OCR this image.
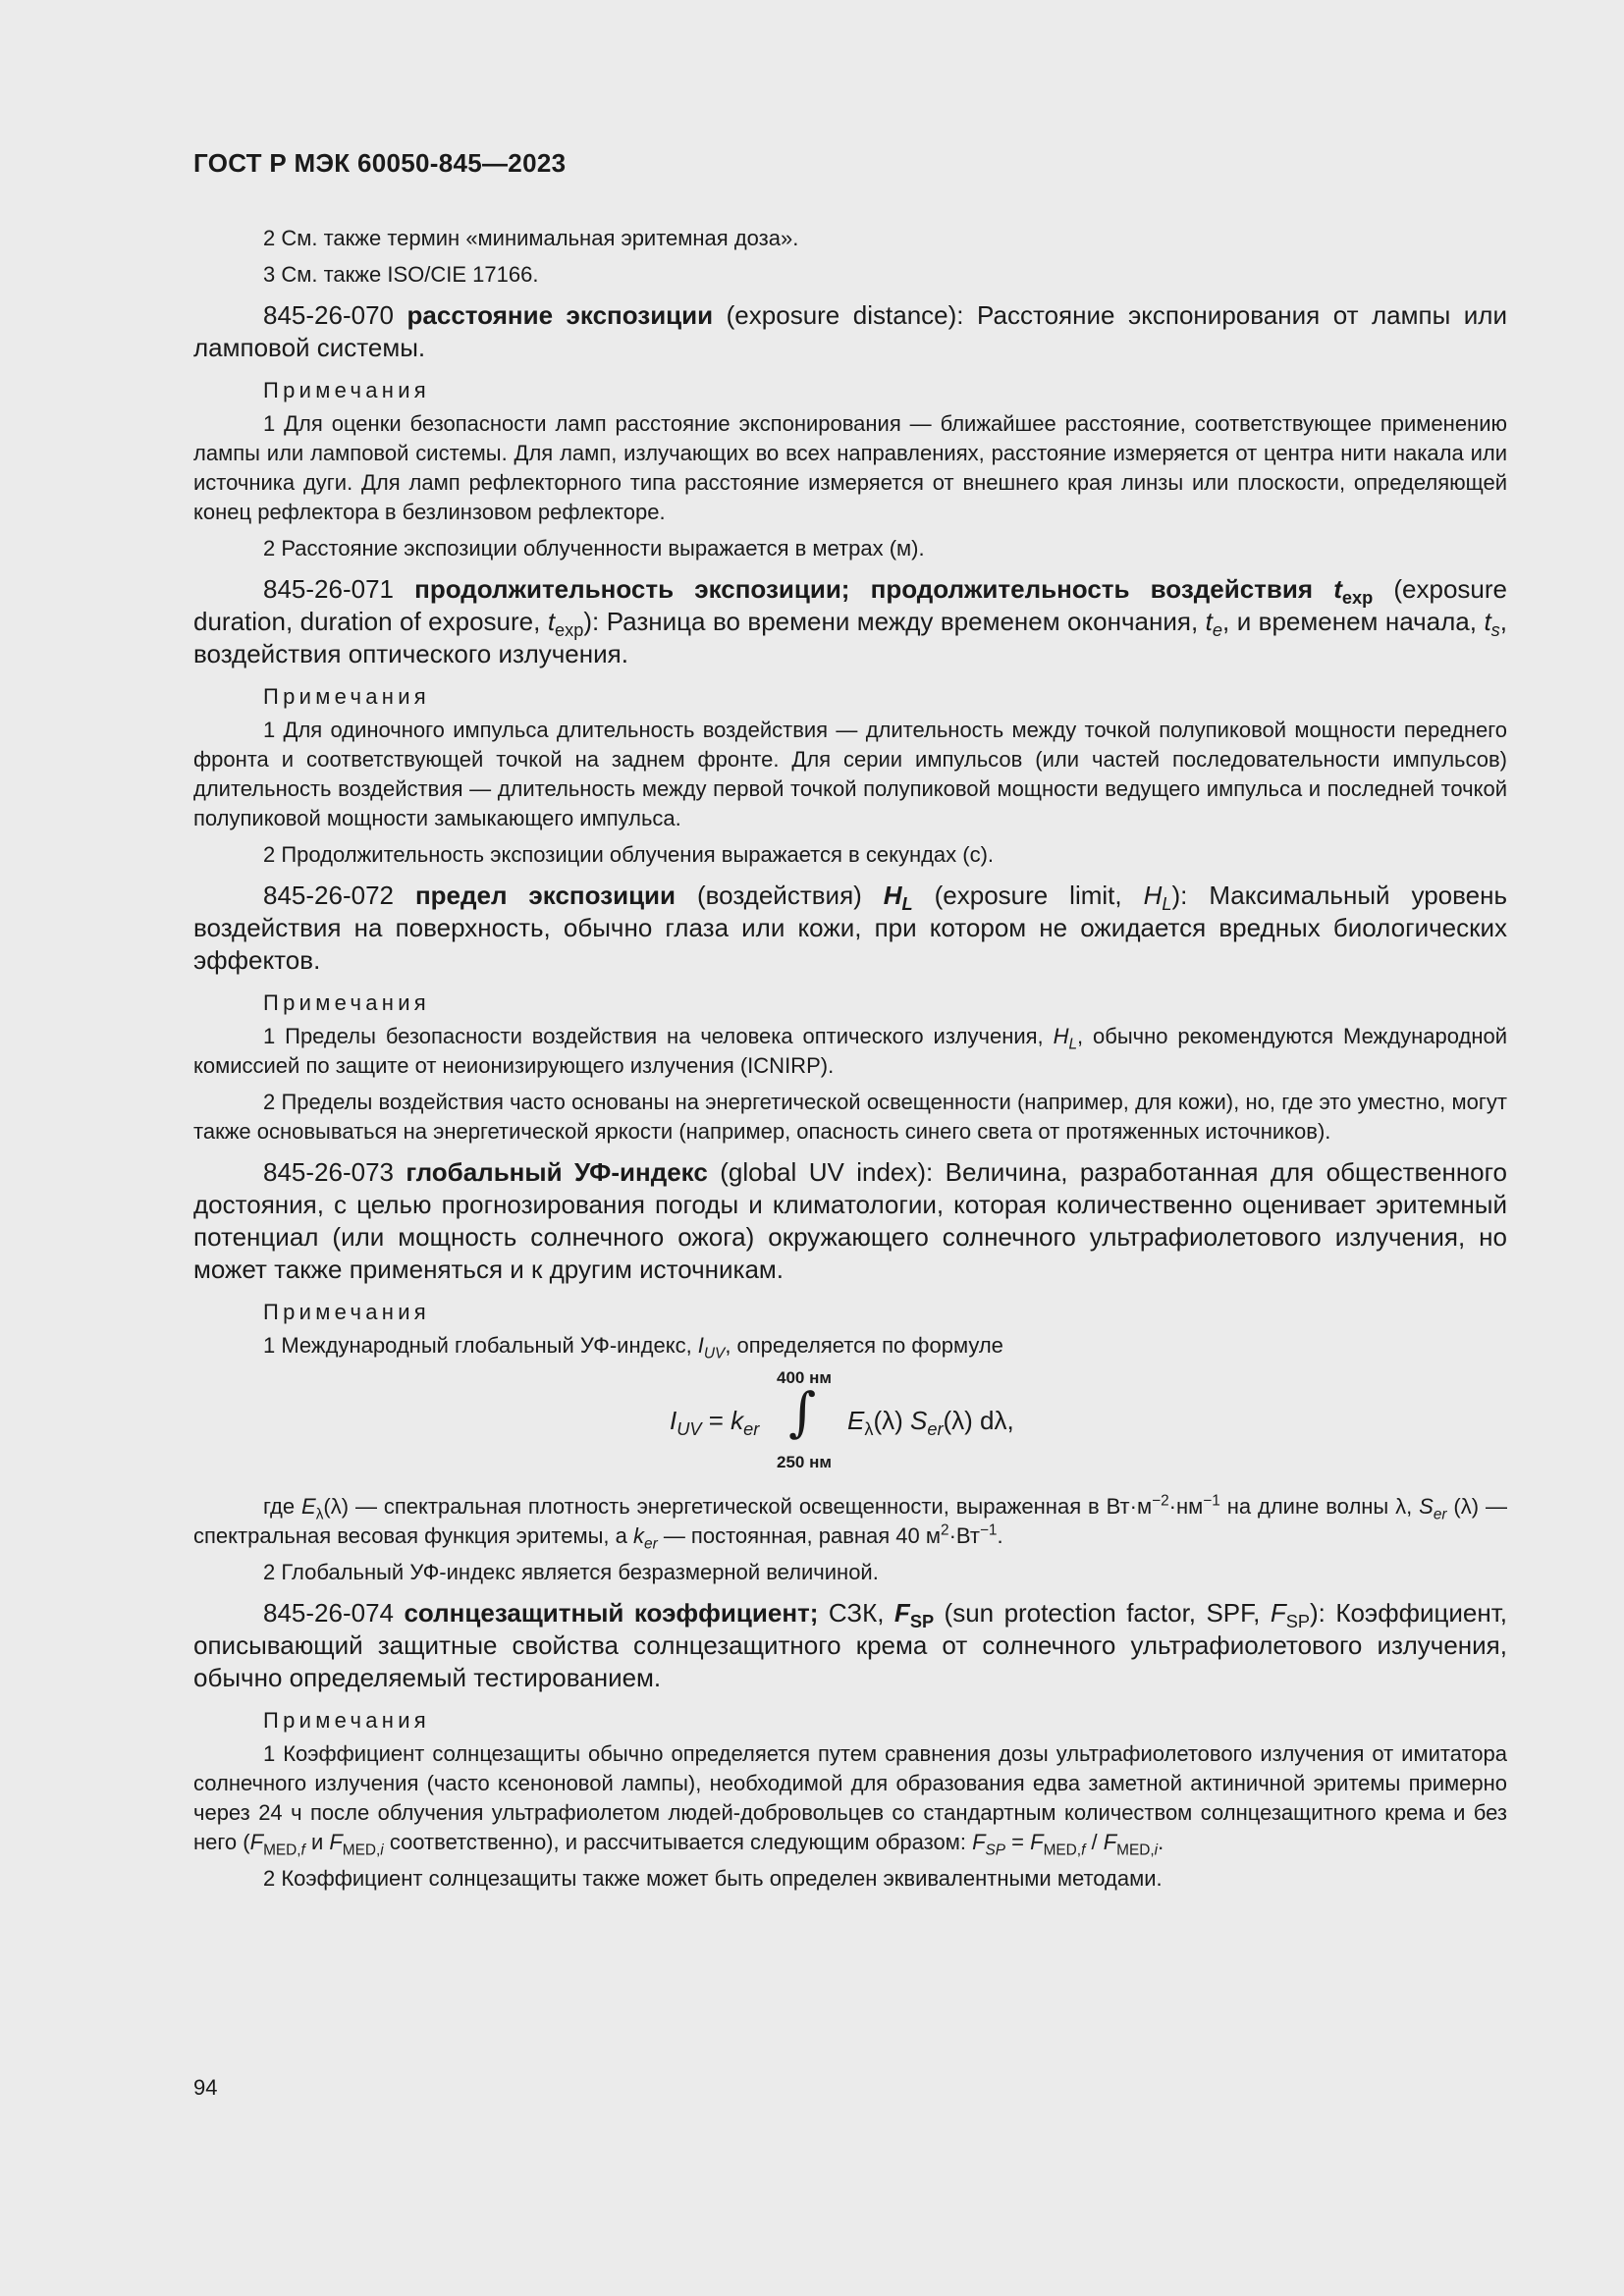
ГОСТ Р МЭК 60050-845—2023

2 См. также термин «минимальная эритемная доза».

3 См. также ISO/CIE 17166.

845-26-070 расстояние экспозиции (exposure distance): Расстояние экспонирования от лампы или ламповой системы.

Примечания

1 Для оценки безопасности ламп расстояние экспонирования — ближайшее расстояние, соответствующее применению лампы или ламповой системы. Для ламп, излучающих во всех направлениях, расстояние измеряется от центра нити накала или источника дуги. Для ламп рефлекторного типа расстояние измеряется от внешнего края линзы или плоскости, определяющей конец рефлектора в безлинзовом рефлекторе.

2 Расстояние экспозиции облученности выражается в метрах (м).

845-26-071 продолжительность экспозиции; продолжительность воздействия $t_{exp}$ (exposure duration, duration of exposure, $t_{exp}$): Разница во времени между временем окончания, $t_e$, и временем начала, $t_s$, воздействия оптического излучения.

Примечания

1 Для одиночного импульса длительность воздействия — длительность между точкой полупиковой мощности переднего фронта и соответствующей точкой на заднем фронте. Для серии импульсов (или частей последовательности импульсов) длительность воздействия — длительность между первой точкой полупиковой мощности ведущего импульса и последней точкой полупиковой мощности замыкающего импульса.

2 Продолжительность экспозиции облучения выражается в секундах (с).

845-26-072 предел экспозиции (воздействия) $H_L$ (exposure limit, $H_L$): Максимальный уровень воздействия на поверхность, обычно глаза или кожи, при котором не ожидается вредных биологических эффектов.

Примечания

1 Пределы безопасности воздействия на человека оптического излучения, $H_L$, обычно рекомендуются Международной комиссией по защите от неионизирующего излучения (ICNIRP).

2 Пределы воздействия часто основаны на энергетической освещенности (например, для кожи), но, где это уместно, могут также основываться на энергетической яркости (например, опасность синего света от протяженных источников).

845-26-073 глобальный УФ-индекс (global UV index): Величина, разработанная для общественного достояния, с целью прогнозирования погоды и климатологии, которая количественно оценивает эритемный потенциал (или мощность солнечного ожога) окружающего солнечного ультрафиолетового излучения, но может также применяться и к другим источникам.

Примечания

1 Международный глобальный УФ-индекс, $I_{UV}$, определяется по формуле

400 нм
∫
250 нм
$I_{UV} = k_{er}$	$E_\lambda(\lambda)$ $S_{er}(\lambda)$ dλ,

где $E_\lambda(\lambda)$ — спектральная плотность энергетической освещенности, выраженная в $Вт\cdot м^{-2}\cdot нм^{-1}$ на длине волны λ, $S_{er}$ (λ) — спектральная весовая функция эритемы, а $k_{er}$ — постоянная, равная 40 $м^2\cdot Вт^{-1}$.

2 Глобальный УФ-индекс является безразмерной величиной.

845-26-074 солнцезащитный коэффициент; СЗК, $F_{SP}$ (sun protection factor, SPF, $F_{SP}$): Коэффициент, описывающий защитные свойства солнцезащитного крема от солнечного ультрафиолетового излучения, обычно определяемый тестированием.

Примечания

1 Коэффициент солнцезащиты обычно определяется путем сравнения дозы ультрафиолетового излучения от имитатора солнечного излучения (часто ксеноновой лампы), необходимой для образования едва заметной актиничной эритемы примерно через 24 ч после облучения ультрафиолетом людей-добровольцев со стандартным количеством солнцезащитного крема и без него ($F_{MED,f}$ и $F_{MED,i}$ соответственно), и рассчитывается следующим образом: $F_{SP} = F_{MED,f} / F_{MED,i}$.

2 Коэффициент солнцезащиты также может быть определен эквивалентными методами.

94
